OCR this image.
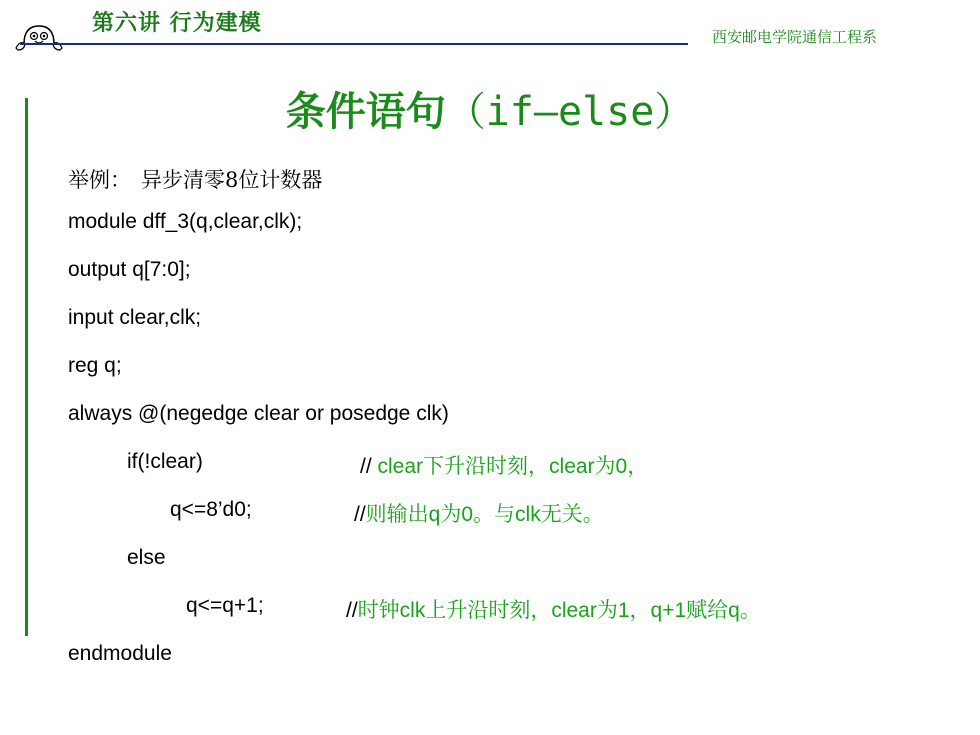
第六讲 行为建模
西安邮电学院通信工程系
条件语句（if—else）
举例： 异步清零8位计数器
module dff_3(q,clear,clk);
output q[7:0];
input clear,clk;
reg q;
always @(negedge clear or posedge clk)
if(!clear)	// clear下升沿时刻，clear为0，
q<=8’d0;	//则输出q为0。与clk无关。
else
q<=q+1;	//时钟clk上升沿时刻，clear为1，q+1赋给q。
endmodule
